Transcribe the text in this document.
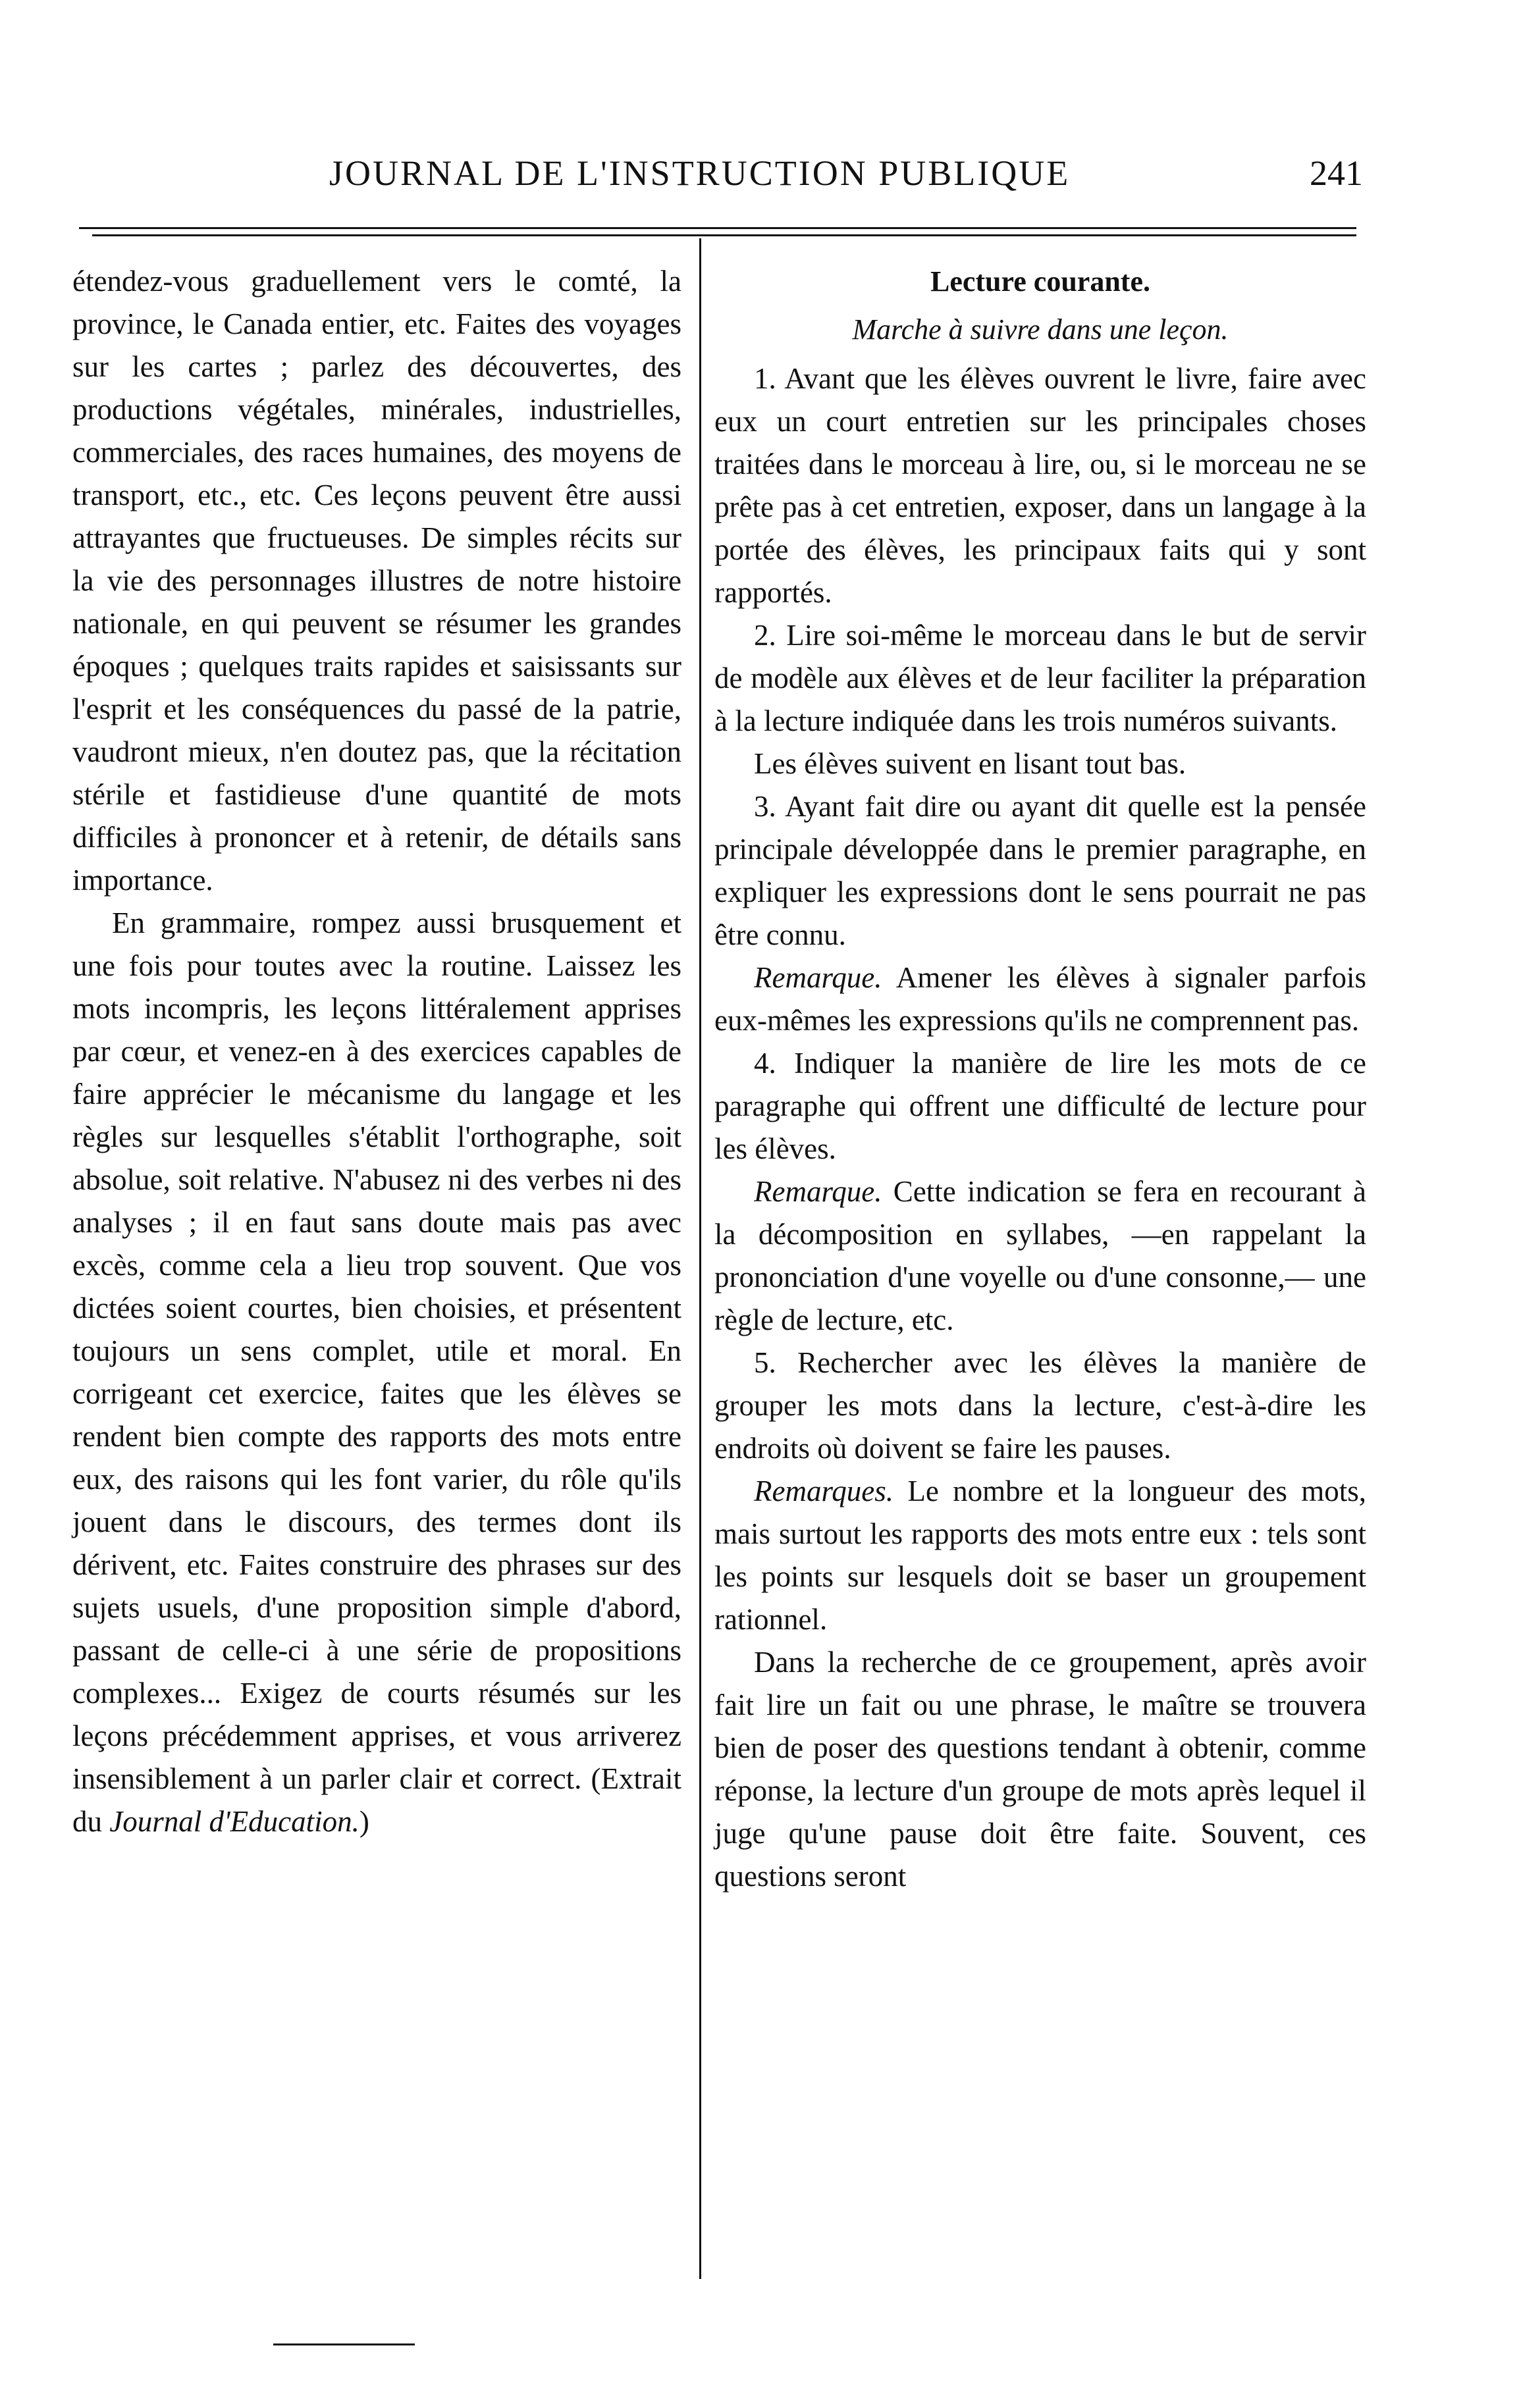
JOURNAL DE L'INSTRUCTION PUBLIQUE	241

étendez-vous graduellement vers le comté, la province, le Canada entier, etc. Faites des voyages sur les cartes ; parlez des découvertes, des productions végétales, minérales, industrielles, commerciales, des races humaines, des moyens de transport, etc., etc. Ces leçons peuvent être aussi attrayantes que fructueuses. De simples récits sur la vie des personnages illustres de notre histoire nationale, en qui peuvent se résumer les grandes époques ; quelques traits rapides et saisissants sur l'esprit et les conséquences du passé de la patrie, vaudront mieux, n'en doutez pas, que la récitation stérile et fastidieuse d'une quantité de mots difficiles à prononcer et à retenir, de détails sans importance.

En grammaire, rompez aussi brusquement et une fois pour toutes avec la routine. Laissez les mots incompris, les leçons littéralement apprises par cœur, et venez-en à des exercices capables de faire apprécier le mécanisme du langage et les règles sur lesquelles s'établit l'orthographe, soit absolue, soit relative. N'abusez ni des verbes ni des analyses ; il en faut sans doute mais pas avec excès, comme cela a lieu trop souvent. Que vos dictées soient courtes, bien choisies, et présentent toujours un sens complet, utile et moral. En corrigeant cet exercice, faites que les élèves se rendent bien compte des rapports des mots entre eux, des raisons qui les font varier, du rôle qu'ils jouent dans le discours, des termes dont ils dérivent, etc. Faites construire des phrases sur des sujets usuels, d'une proposition simple d'abord, passant de celle-ci à une série de propositions complexes... Exigez de courts résumés sur les leçons précédemment apprises, et vous arriverez insensiblement à un parler clair et correct. (Extrait du Journal d'Education.)

Lecture courante.

Marche à suivre dans une leçon.

1. Avant que les élèves ouvrent le livre, faire avec eux un court entretien sur les principales choses traitées dans le morceau à lire, ou, si le morceau ne se prête pas à cet entretien, exposer, dans un langage à la portée des élèves, les principaux faits qui y sont rapportés.

2. Lire soi-même le morceau dans le but de servir de modèle aux élèves et de leur faciliter la préparation à la lecture indiquée dans les trois numéros suivants.

Les élèves suivent en lisant tout bas.

3. Ayant fait dire ou ayant dit quelle est la pensée principale développée dans le premier paragraphe, en expliquer les expressions dont le sens pourrait ne pas être connu.

Remarque. Amener les élèves à signaler parfois eux-mêmes les expressions qu'ils ne comprennent pas.

4. Indiquer la manière de lire les mots de ce paragraphe qui offrent une difficulté de lecture pour les élèves.

Remarque. Cette indication se fera en recourant à la décomposition en syllabes, —en rappelant la prononciation d'une voyelle ou d'une consonne,— une règle de lecture, etc.

5. Rechercher avec les élèves la manière de grouper les mots dans la lecture, c'est-à-dire les endroits où doivent se faire les pauses.

Remarques. Le nombre et la longueur des mots, mais surtout les rapports des mots entre eux : tels sont les points sur lesquels doit se baser un groupement rationnel.

Dans la recherche de ce groupement, après avoir fait lire un fait ou une phrase, le maître se trouvera bien de poser des questions tendant à obtenir, comme réponse, la lecture d'un groupe de mots après lequel il juge qu'une pause doit être faite. Souvent, ces questions seront
